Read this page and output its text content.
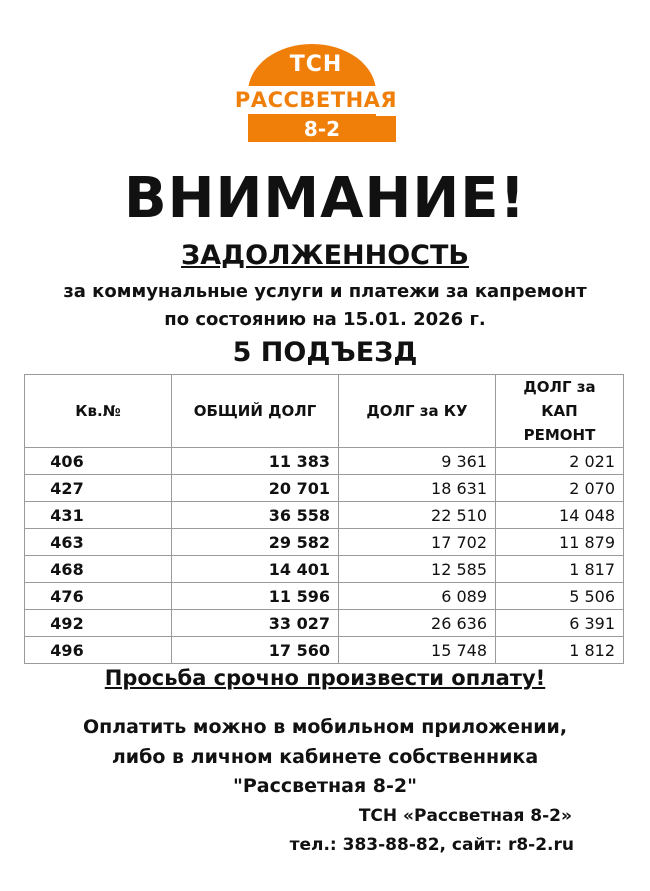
ТСН
РАССВЕТНАЯ
8-2
ВНИМАНИЕ!
ЗАДОЛЖЕННОСТЬ
за коммунальные услуги и платежи за капремонт
по состоянию на 15.01. 2026 г.
5 ПОДЪЕЗД
Кв.№	ОБЩИЙ ДОЛГ	ДОЛГ за КУ	ДОЛГ за КАП РЕМОНТ
406	11 383	9 361	2 021
427	20 701	18 631	2 070
431	36 558	22 510	14 048
463	29 582	17 702	11 879
468	14 401	12 585	1 817
476	11 596	6 089	5 506
492	33 027	26 636	6 391
496	17 560	15 748	1 812
Просьба срочно произвести оплату!
Оплатить можно в мобильном приложении,
либо в личном кабинете собственника
"Рассветная 8-2"
ТСН «Рассветная 8-2»
тел.: 383-88-82, сайт: r8-2.ru
